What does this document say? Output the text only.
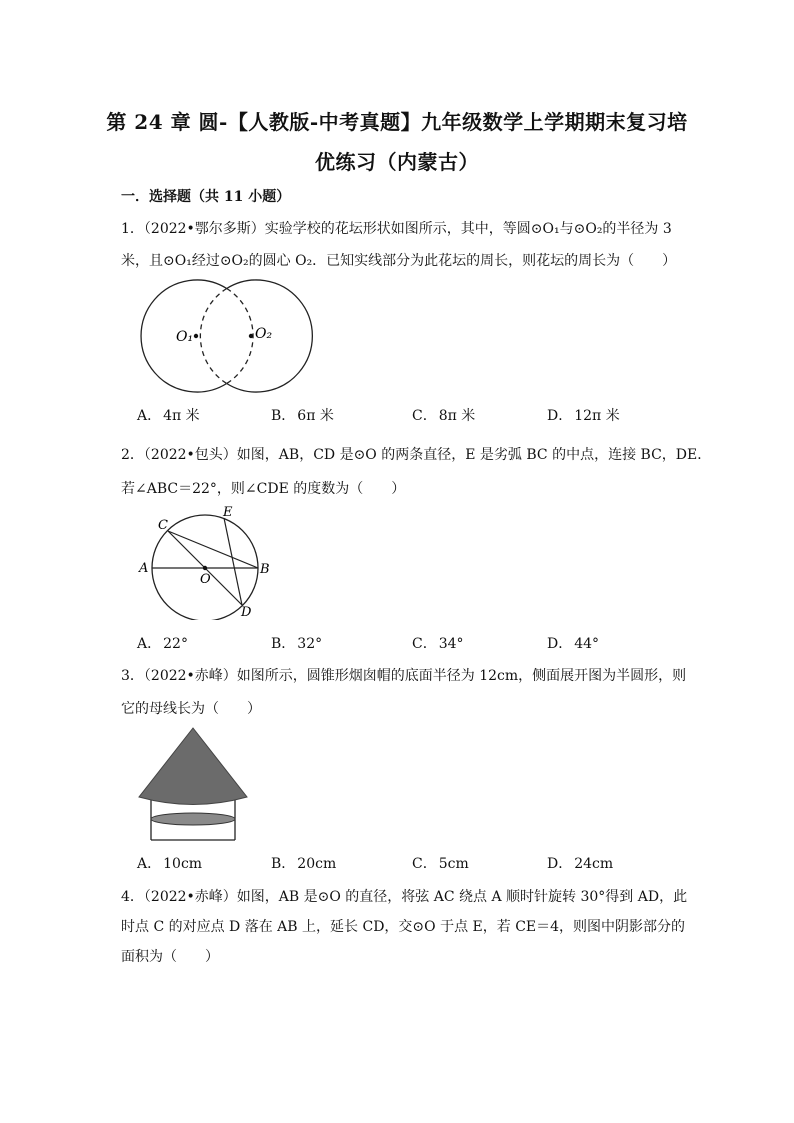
第 24 章 圆-【人教版-中考真题】九年级数学上学期期末复习培
优练习（内蒙古）
一．选择题（共 11 小题）
1．（2022•鄂尔多斯）实验学校的花坛形状如图所示，其中，等圆⊙O₁与⊙O₂的半径为 3
米，且⊙O₁经过⊙O₂的圆心 O₂．已知实线部分为此花坛的周长，则花坛的周长为（　　）
O₁	O₂
A． 4π 米	B． 6π 米	C． 8π 米	D． 12π 米
2．（2022•包头）如图，AB，CD 是⊙O 的两条直径，E 是劣弧 BC 的中点，连接 BC，DE．
若∠ABC＝22°，则∠CDE 的度数为（　　）
C
E
A
O
B
D
A． 22°	B． 32°	C． 34°	D． 44°
3．（2022•赤峰）如图所示，圆锥形烟囱帽的底面半径为 12cm，侧面展开图为半圆形，则
它的母线长为（　　）
A． 10cm	B． 20cm	C． 5cm	D． 24cm
4．（2022•赤峰）如图，AB 是⊙O 的直径，将弦 AC 绕点 A 顺时针旋转 30°得到 AD，此
时点 C 的对应点 D 落在 AB 上，延长 CD，交⊙O 于点 E，若 CE＝4，则图中阴影部分的
面积为（　　）
